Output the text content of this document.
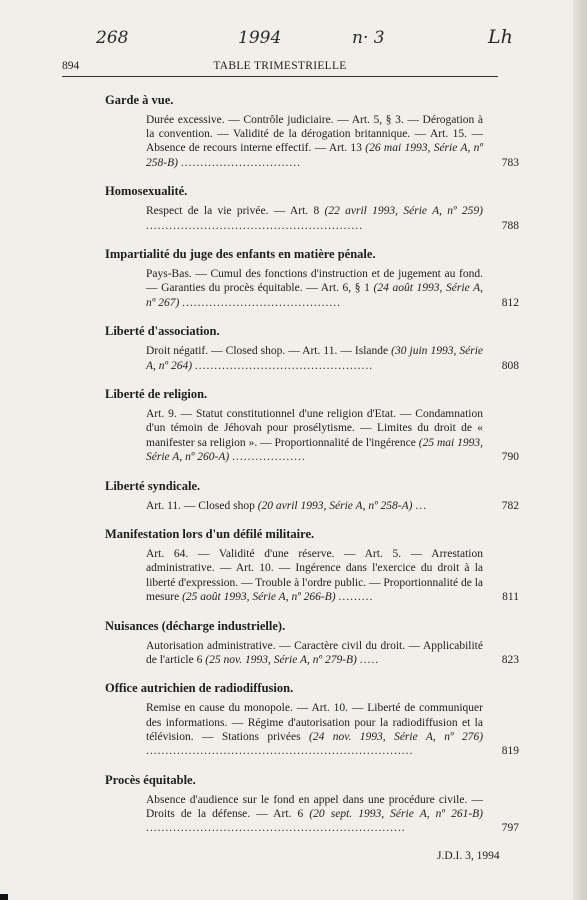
268	1994	n· 3	Lh
894	TABLE TRIMESTRIELLE
Garde à vue.
Durée excessive. — Contrôle judiciaire. — Art. 5, § 3. — Dérogation à la convention. — Validité de la dérogation britannique. — Art. 15. — Absence de recours interne effectif. — Art. 13 (26 mai 1993, Série A, nº 258-B) ...............................	783
Homosexualité.
Respect de la vie privée. — Art. 8 (22 avril 1993, Série A, nº 259) ........................................................	788
Impartialité du juge des enfants en matière pénale.
Pays-Bas. — Cumul des fonctions d'instruction et de jugement au fond. — Garanties du procès équitable. — Art. 6, § 1 (24 août 1993, Série A, nº 267) .........................................	812
Liberté d'association.
Droit négatif. — Closed shop. — Art. 11. — Islande (30 juin 1993, Série A, nº 264) ..............................................	808
Liberté de religion.
Art. 9. — Statut constitutionnel d'une religion d'Etat. — Condamnation d'un témoin de Jéhovah pour prosélytisme. — Limites du droit de « manifester sa religion ». — Proportionnalité de l'ingérence (25 mai 1993, Série A, nº 260-A) ...................	790
Liberté syndicale.
Art. 11. — Closed shop (20 avril 1993, Série A, nº 258-A) ...	782
Manifestation lors d'un défilé militaire.
Art. 64. — Validité d'une réserve. — Art. 5. — Arrestation administrative. — Art. 10. — Ingérence dans l'exercice du droit à la liberté d'expression. — Trouble à l'ordre public. — Proportionnalité de la mesure (25 août 1993, Série A, nº 266-B) .........	811
Nuisances (décharge industrielle).
Autorisation administrative. — Caractère civil du droit. — Applicabilité de l'article 6 (25 nov. 1993, Série A, nº 279-B) .....	823
Office autrichien de radiodiffusion.
Remise en cause du monopole. — Art. 10. — Liberté de communiquer des informations. — Régime d'autorisation pour la radiodiffusion et la télévision. — Stations privées (24 nov. 1993, Série A, nº 276) .....................................................................	819
Procès équitable.
Absence d'audience sur le fond en appel dans une procédure civile. — Droits de la défense. — Art. 6 (20 sept. 1993, Série A, nº 261-B) ...................................................................	797
J.D.I. 3, 1994
